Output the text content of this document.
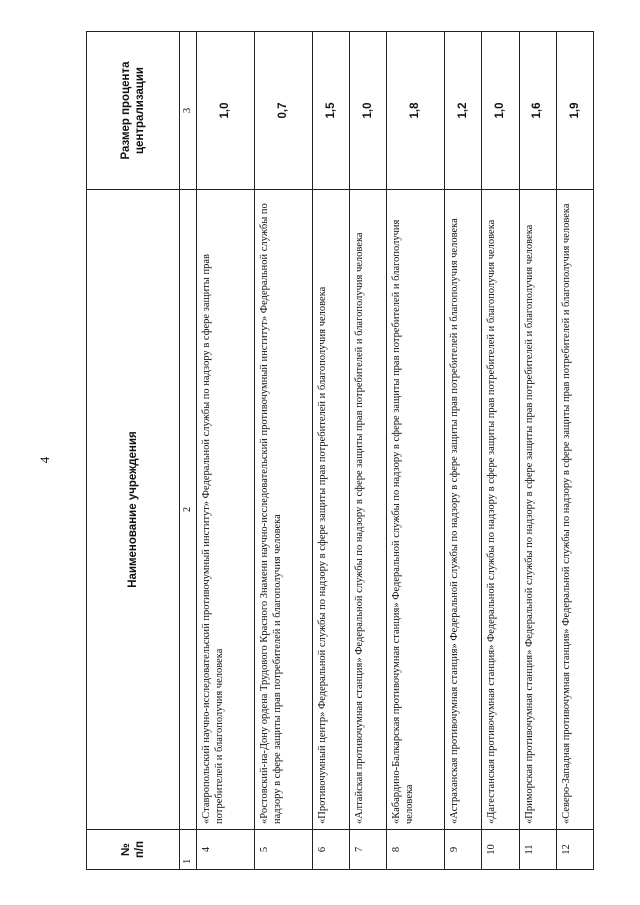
4
№
п/п	Наименование учреждения	Размер процента централизации
1	2	3
4	«Ставропольский научно-исследовательский противочумный институт» Федеральной службы по надзору в сфере защиты прав потребителей и благополучия человека	1,0
5	«Ростовский-на-Дону ордена Трудового Красного Знамени научно-исследовательский противочумный институт» Федеральной службы по надзору в сфере защиты прав потребителей и благополучия человека	0,7
6	«Противочумный центр» Федеральной службы по надзору в сфере защиты прав потребителей и благополучия человека	1,5
7	«Алтайская противочумная станция» Федеральной службы по надзору в сфере защиты прав потребителей и благополучия человека	1,0
8	«Кабардино-Балкарская противочумная станция» Федеральной службы по надзору в сфере защиты прав потребителей и благополучия человека	1,8
9	«Астраханская противочумная станция» Федеральной службы по надзору в сфере защиты прав потребителей и благополучия человека	1,2
10	«Дагестанская противочумная станция» Федеральной службы по надзору в сфере защиты прав потребителей и благополучия человека	1,0
11	«Приморская противочумная станция» Федеральной службы по надзору в сфере защиты прав потребителей и благополучия человека	1,6
12	«Северо-Западная противочумная станция» Федеральной службы по надзору в сфере защиты прав потребителей и благополучия человека	1,9
